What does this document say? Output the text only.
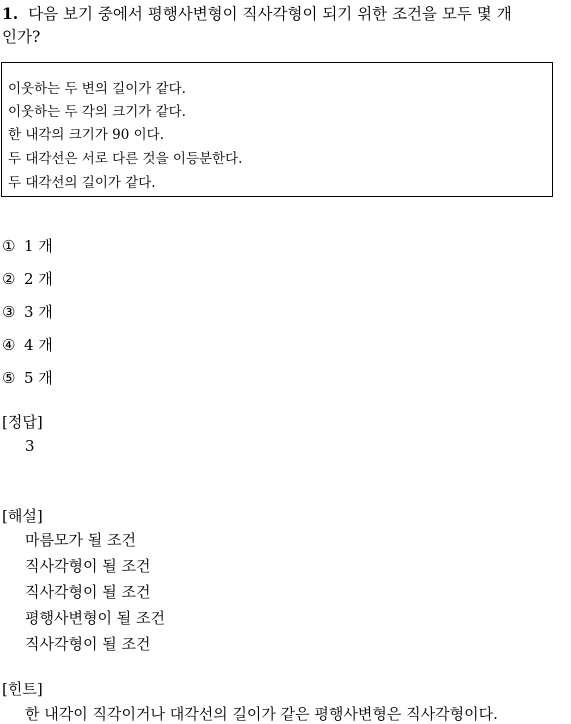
1. 다음 보기 중에서 평행사변형이 직사각형이 되기 위한 조건을 모두 몇 개
인가?
이웃하는 두 변의 길이가 같다.
이웃하는 두 각의 크기가 같다.
한 내각의 크기가 90 이다.
두 대각선은 서로 다른 것을 이등분한다.
두 대각선의 길이가 같다.
① 1 개
② 2 개
③ 3 개
④ 4 개
⑤ 5 개
[정답]
3
[해설]
마름모가 될 조건
직사각형이 될 조건
직사각형이 될 조건
평행사변형이 될 조건
직사각형이 될 조건
[힌트]
한 내각이 직각이거나 대각선의 길이가 같은 평행사변형은 직사각형이다.
